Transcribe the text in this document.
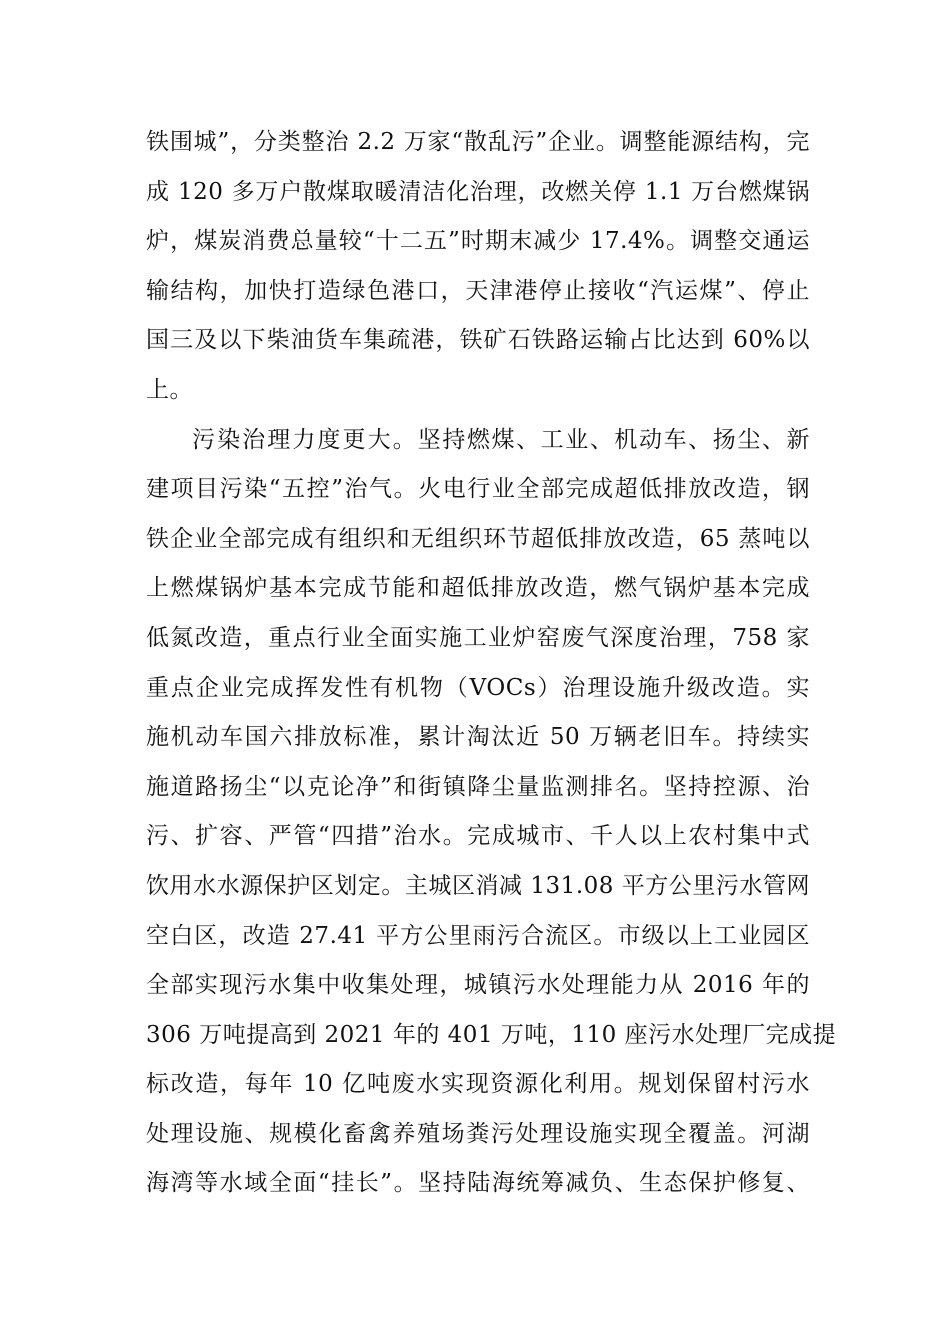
铁围城”，分类整治 2.2 万家“散乱污”企业。调整能源结构，完
成 120 多万户散煤取暖清洁化治理，改燃关停 1.1 万台燃煤锅
炉，煤炭消费总量较“十二五”时期末减少 17.4%。调整交通运
输结构，加快打造绿色港口，天津港停止接收“汽运煤”、停止
国三及以下柴油货车集疏港，铁矿石铁路运输占比达到 60%以
上。
污染治理力度更大。坚持燃煤、工业、机动车、扬尘、新
建项目污染“五控”治气。火电行业全部完成超低排放改造，钢
铁企业全部完成有组织和无组织环节超低排放改造，65 蒸吨以
上燃煤锅炉基本完成节能和超低排放改造，燃气锅炉基本完成
低氮改造，重点行业全面实施工业炉窑废气深度治理，758 家
重点企业完成挥发性有机物（VOCs）治理设施升级改造。实
施机动车国六排放标准，累计淘汰近 50 万辆老旧车。持续实
施道路扬尘“以克论净”和街镇降尘量监测排名。坚持控源、治
污、扩容、严管“四措”治水。完成城市、千人以上农村集中式
饮用水水源保护区划定。主城区消减 131.08 平方公里污水管网
空白区，改造 27.41 平方公里雨污合流区。市级以上工业园区
全部实现污水集中收集处理，城镇污水处理能力从 2016 年的
306 万吨提高到 2021 年的 401 万吨，110 座污水处理厂完成提
标改造，每年 10 亿吨废水实现资源化利用。规划保留村污水
处理设施、规模化畜禽养殖场粪污处理设施实现全覆盖。河湖
海湾等水域全面“挂长”。坚持陆海统筹减负、生态保护修复、
